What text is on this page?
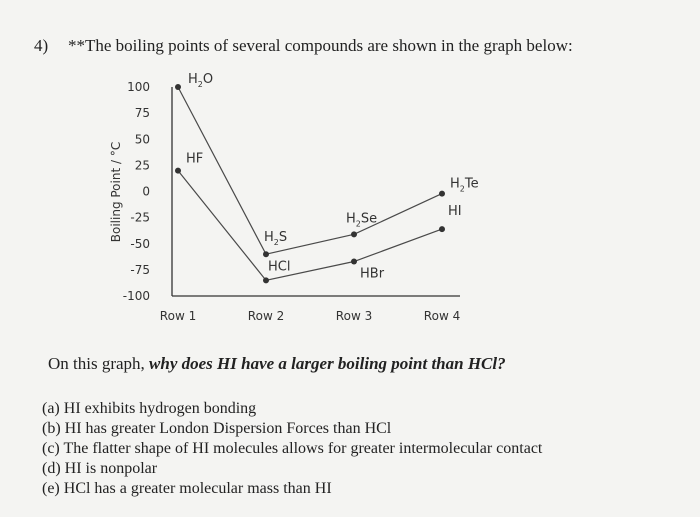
4) **The boiling points of several compounds are shown in the graph below:
100
75
50
25
0
-25
-50
-75
-100
Row 1	Row 2	Row 3	Row 4
Boiling Point / °C
$H_2O$
$H_2S$
$H_2Se$
$H_2Te$
HF
HCl	HBr
HI
On this graph, why does HI have a larger boiling point than HCl?
(a) HI exhibits hydrogen bonding
(b) HI has greater London Dispersion Forces than HCl
(c) The flatter shape of HI molecules allows for greater intermolecular contact
(d) HI is nonpolar
(e) HCl has a greater molecular mass than HI
